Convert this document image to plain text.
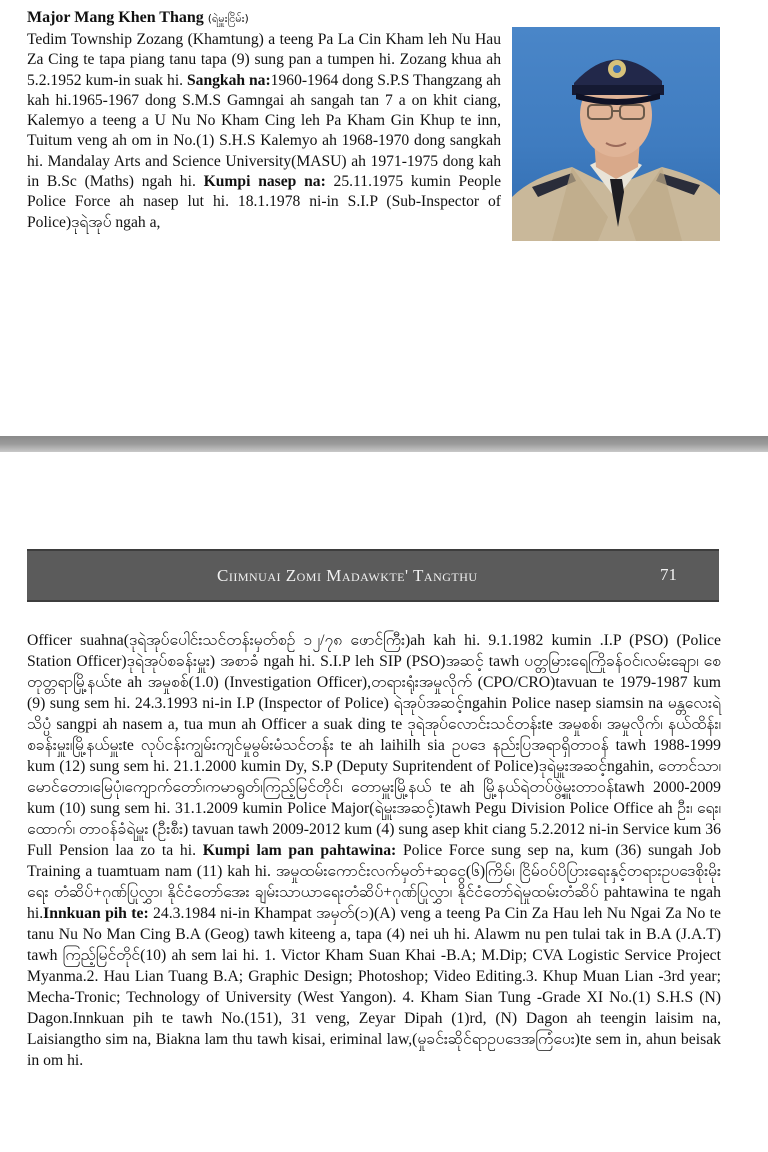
Major Mang Khen Thang (ရဲမှူးငြိမ်း)
Tedim Township Zozang (Khamtung) a teeng Pa La Cin Kham leh Nu Hau Za Cing te tapa piang tanu tapa (9) sung pan a tumpen hi. Zozang khua ah 5.2.1952 kum-in suak hi. Sangkah na:1960-1964 dong S.P.S Thangzang ah kah hi.1965-1967 dong S.M.S Gamngai ah sangah tan 7 a on khit ciang, Kalemyo a teeng a U Nu No Kham Cing leh Pa Kham Gin Khup te inn, Tuitum veng ah om in No.(1) S.H.S Kalemyo ah 1968-1970 dong sangkah hi. Mandalay Arts and Science University(MASU) ah 1971-1975 dong kah in B.Sc (Maths) ngah hi. Kumpi nasep na: 25.11.1975 kumin People Police Force ah nasep lut hi. 18.1.1978 ni-in S.I.P (Sub-Inspector of Police)ဒုရဲအုပ် ngah a,
Ciimnuai Zomi Madawkte' Tangthu	71
Officer suahna(ဒုရဲအုပ်ပေါင်းသင်တန်းမှတ်စဉ် ၁၂/၇၈ ဖောင်ကြီး)ah kah hi. 9.1.1982 kumin .I.P (PSO) (Police Station Officer)ဒုရဲအုပ်စခန်းမှူး) အစာခံ ngah hi. S.I.P leh SIP (PSO)အဆင့် tawh ပတ္တမြားရေကြိုခန်ဝင်၊လမ်းချော၊ စေတုတ္တရာမြို့နယ်te ah အမှုစစ်(1.0) (Investigation Officer),တရားရုံးအမှုလိုက် (CPO/CRO)tavuan te 1979-1987 kum (9) sung sem hi. 24.3.1993 ni-in I.P (Inspector of Police) ရဲအုပ်အဆင့်ngahin Police nasep siamsin na မန္တလေးရဲသိပ္ပံ sangpi ah nasem a, tua mun ah Officer a suak ding te ဒုရဲအုပ်လောင်းသင်တန်းte အမှုစစ်၊ အမှုလိုက်၊ နယ်ထိန်း၊ စခန်းမှူး၊မြို့နယ်မှူးte လုပ်ငန်းကျွမ်းကျင်မှုမွမ်းမံသင်တန်း te ah laihilh sia ဥပဒေ နည်းပြအရာရှိတာဝန် tawh 1988-1999 kum (12) sung sem hi. 21.1.2000 kumin Dy, S.P (Deputy Supritendent of Police)ဒုရဲမှူးအဆင့်ngahin, တောင်သာ၊မောင်တော၊မြေပုံ၊ကျောက်တော်၊ကမာရွတ်၊ကြည့်မြင်တိုင်၊ တောမှူးမြို့နယ် te ah မြို့နယ်ရဲတပ်ဖွဲ့မှူးတာဝန်tawh 2000-2009 kum (10) sung sem hi. 31.1.2009 kumin Police Major(ရဲမှူးအဆင့်)tawh Pegu Division Police Office ah ဦး၊ ရေး၊ ထောက်၊ တာဝန်ခံရဲမှူး (ဦးစီး) tavuan tawh 2009-2012 kum (4) sung asep khit ciang 5.2.2012 ni-in Service kum 36 Full Pension laa zo ta hi. Kumpi lam pan pahtawina: Police Force sung sep na, kum (36) sungah Job Training a tuamtuam nam (11) kah hi. အမှုထမ်းကောင်းလက်မှတ်+ဆုငွေ(၆)ကြိမ်၊ ငြိမ်ဝပ်ပိပြားရေးနှင့်တရားဥပဒေစိုးမိုးရေး တံဆိပ်+ဂုဏ်ပြုလွှာ၊ နိုင်ငံတော်အေး ချမ်းသာယာရေးတံဆိပ်+ဂုဏ်ပြုလွှာ၊ နိုင်ငံတော်ရဲမှုထမ်းတံဆိပ် pahtawina te ngah hi.Innkuan pih te: 24.3.1984 ni-in Khampat အမှတ်(၁)(A) veng a teeng Pa Cin Za Hau leh Nu Ngai Za No te tanu Nu No Man Cing B.A (Geog) tawh kiteeng a, tapa (4) nei uh hi. Alawm nu pen tulai tak in B.A (J.A.T) tawh ကြည့်မြင်တိုင်(10) ah sem lai hi. 1. Victor Kham Suan Khai -B.A; M.Dip; CVA Logistic Service Project Myanma.2. Hau Lian Tuang B.A; Graphic Design; Photoshop; Video Editing.3. Khup Muan Lian -3rd year; Mecha-Tronic; Technology of University (West Yangon). 4. Kham Sian Tung -Grade XI No.(1) S.H.S (N) Dagon.Innkuan pih te tawh No.(151), 31 veng, Zeyar Dipah (1)rd, (N) Dagon ah teengin laisim na, Laisiangtho sim na, Biakna lam thu tawh kisai, eriminal law,(မှုခင်းဆိုင်ရာဥပဒေအကြံပေး)te sem in, ahun beisak in om hi.
